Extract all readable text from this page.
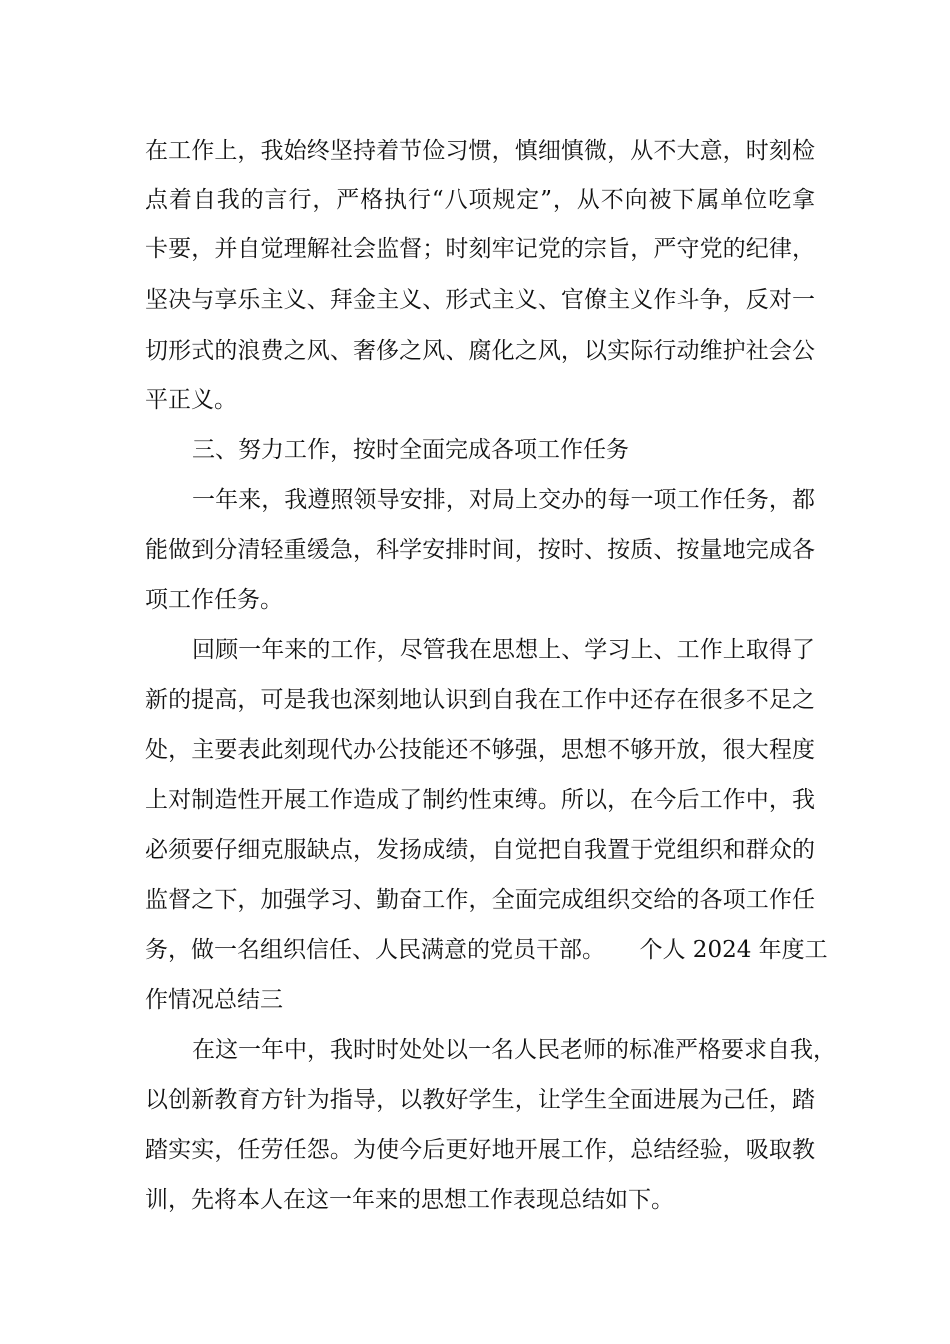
在工作上，我始终坚持着节俭习惯，慎细慎微，从不大意，时刻检
点着自我的言行，严格执行“八项规定”，从不向被下属单位吃拿
卡要，并自觉理解社会监督；时刻牢记党的宗旨，严守党的纪律，
坚决与享乐主义、拜金主义、形式主义、官僚主义作斗争，反对一
切形式的浪费之风、奢侈之风、腐化之风，以实际行动维护社会公
平正义。
三、努力工作，按时全面完成各项工作任务
一年来，我遵照领导安排，对局上交办的每一项工作任务，都
能做到分清轻重缓急，科学安排时间，按时、按质、按量地完成各
项工作任务。
回顾一年来的工作，尽管我在思想上、学习上、工作上取得了
新的提高，可是我也深刻地认识到自我在工作中还存在很多不足之
处，主要表此刻现代办公技能还不够强，思想不够开放，很大程度
上对制造性开展工作造成了制约性束缚。所以，在今后工作中，我
必须要仔细克服缺点，发扬成绩，自觉把自我置于党组织和群众的
监督之下，加强学习、勤奋工作，全面完成组织交给的各项工作任
务，做一名组织信任、人民满意的党员干部。　　个人 2024 年度工
作情况总结三
在这一年中，我时时处处以一名人民老师的标准严格要求自我，
以创新教育方针为指导，以教好学生，让学生全面进展为己任，踏
踏实实，任劳任怨。为使今后更好地开展工作，总结经验，吸取教
训，先将本人在这一年来的思想工作表现总结如下。
